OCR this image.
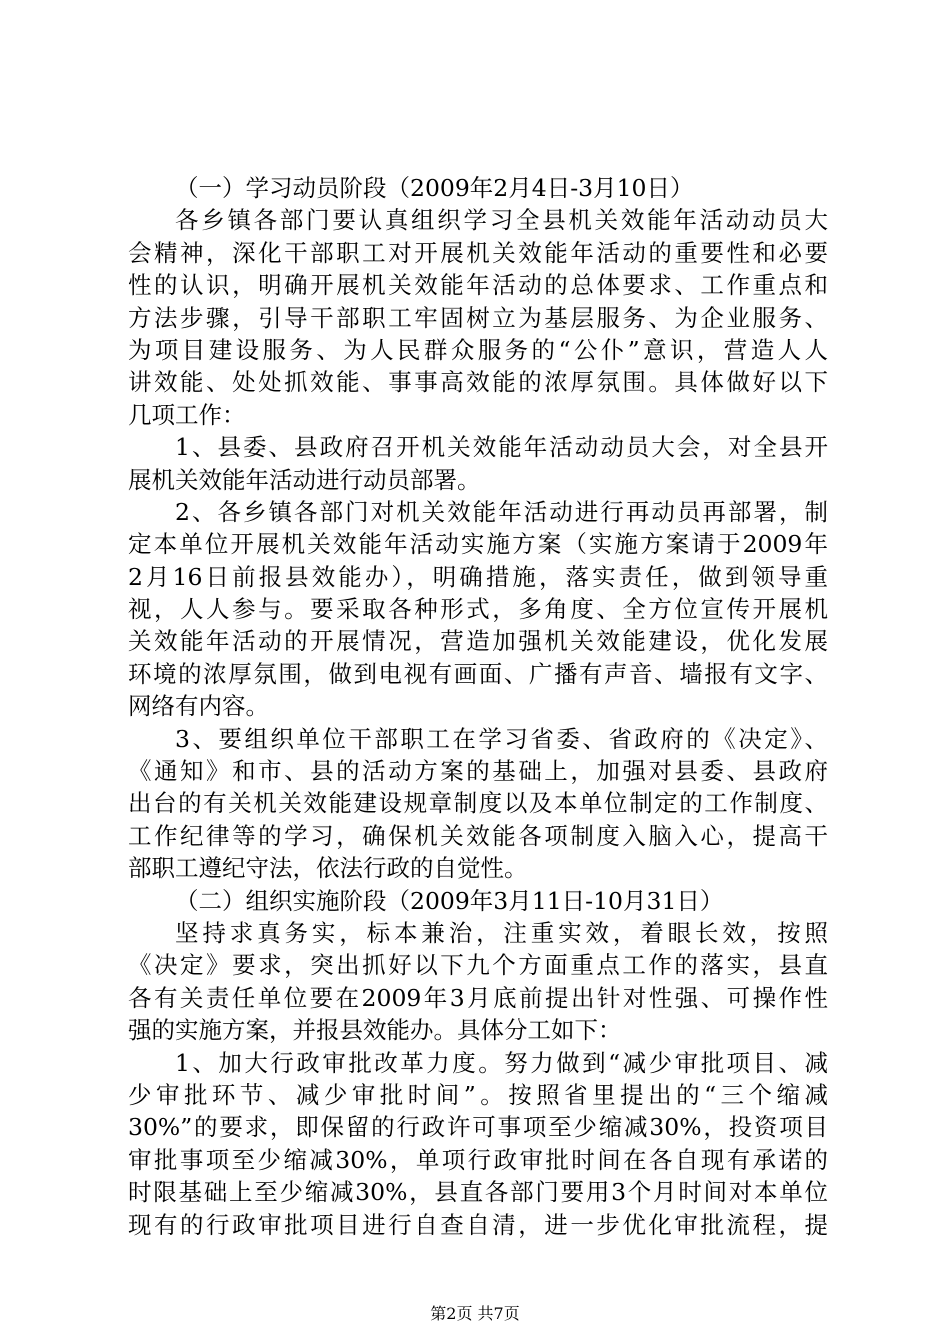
（一）学习动员阶段（2009年2月4日-3月10日）
各乡镇各部门要认真组织学习全县机关效能年活动动员大
会精神，深化干部职工对开展机关效能年活动的重要性和必要
性的认识，明确开展机关效能年活动的总体要求、工作重点和
方法步骤，引导干部职工牢固树立为基层服务、为企业服务、
为项目建设服务、为人民群众服务的“公仆”意识，营造人人
讲效能、处处抓效能、事事高效能的浓厚氛围。具体做好以下
几项工作：
1、县委、县政府召开机关效能年活动动员大会，对全县开
展机关效能年活动进行动员部署。
2、各乡镇各部门对机关效能年活动进行再动员再部署，制
定本单位开展机关效能年活动实施方案（实施方案请于2009年
2月16日前报县效能办），明确措施，落实责任，做到领导重
视，人人参与。要采取各种形式，多角度、全方位宣传开展机
关效能年活动的开展情况，营造加强机关效能建设，优化发展
环境的浓厚氛围，做到电视有画面、广播有声音、墙报有文字、
网络有内容。
3、要组织单位干部职工在学习省委、省政府的《决定》、
《通知》和市、县的活动方案的基础上，加强对县委、县政府
出台的有关机关效能建设规章制度以及本单位制定的工作制度、
工作纪律等的学习，确保机关效能各项制度入脑入心，提高干
部职工遵纪守法，依法行政的自觉性。
（二）组织实施阶段（2009年3月11日-10月31日）
坚持求真务实，标本兼治，注重实效，着眼长效，按照
《决定》要求，突出抓好以下九个方面重点工作的落实，县直
各有关责任单位要在2009年3月底前提出针对性强、可操作性
强的实施方案，并报县效能办。具体分工如下：
1、加大行政审批改革力度。努力做到“减少审批项目、减
少审批环节、减少审批时间”。按照省里提出的“三个缩减
30%”的要求，即保留的行政许可事项至少缩减30%，投资项目
审批事项至少缩减30%，单项行政审批时间在各自现有承诺的
时限基础上至少缩减30%，县直各部门要用3个月时间对本单位
现有的行政审批项目进行自查自清，进一步优化审批流程，提
第2页 共7页
